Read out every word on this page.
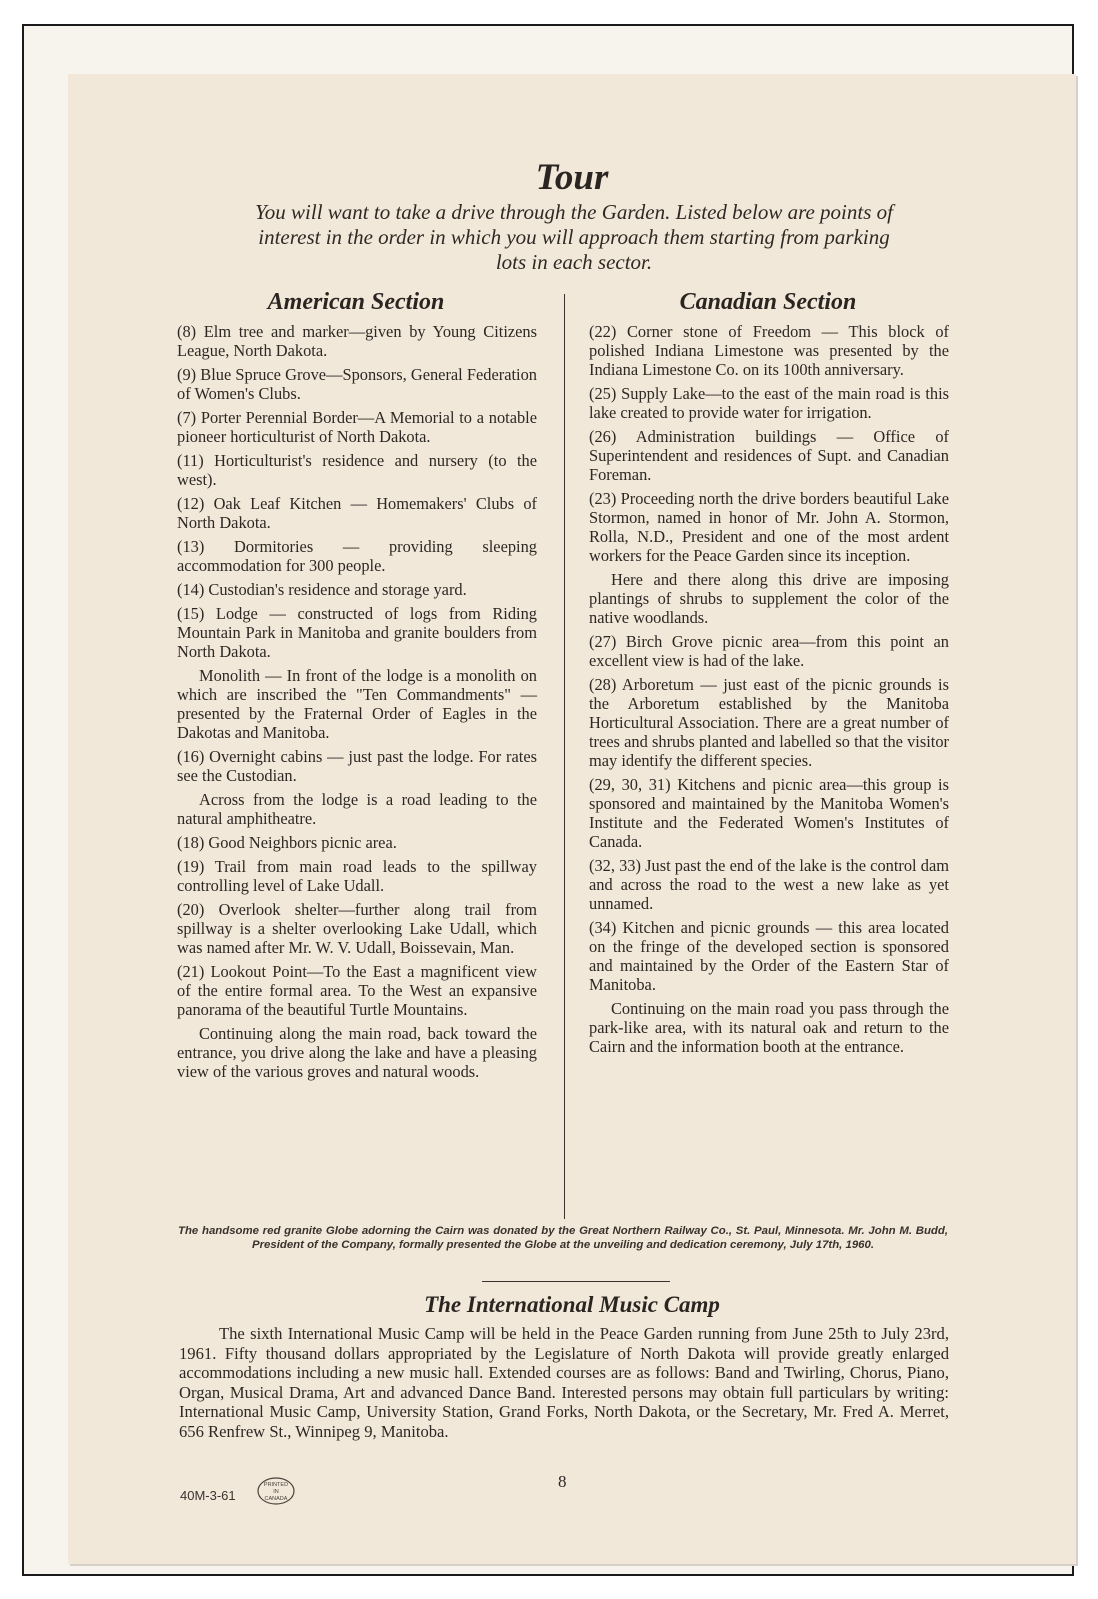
Tour
You will want to take a drive through the Garden. Listed below are points of interest in the order in which you will approach them starting from parking lots in each sector.
American Section	Canadian Section

(8) Elm tree and marker—given by Young Citizens League, North Dakota.

(9) Blue Spruce Grove—Sponsors, General Federation of Women's Clubs.

(7) Porter Perennial Border—A Memorial to a notable pioneer horticulturist of North Dakota.

(11) Horticulturist's residence and nursery (to the west).

(12) Oak Leaf Kitchen — Homemakers' Clubs of North Dakota.

(13) Dormitories — providing sleeping accommodation for 300 people.

(14) Custodian's residence and storage yard.

(15) Lodge — constructed of logs from Riding Mountain Park in Manitoba and granite boulders from North Dakota.

Monolith — In front of the lodge is a monolith on which are inscribed the "Ten Commandments" — presented by the Fraternal Order of Eagles in the Dakotas and Manitoba.

(16) Overnight cabins — just past the lodge. For rates see the Custodian.

Across from the lodge is a road leading to the natural amphitheatre.

(18) Good Neighbors picnic area.

(19) Trail from main road leads to the spillway controlling level of Lake Udall.

(20) Overlook shelter—further along trail from spillway is a shelter overlooking Lake Udall, which was named after Mr. W. V. Udall, Boissevain, Man.

(21) Lookout Point—To the East a magnificent view of the entire formal area. To the West an expansive panorama of the beautiful Turtle Mountains.

Continuing along the main road, back toward the entrance, you drive along the lake and have a pleasing view of the various groves and natural woods.

(22) Corner stone of Freedom — This block of polished Indiana Limestone was presented by the Indiana Limestone Co. on its 100th anniversary.

(25) Supply Lake—to the east of the main road is this lake created to provide water for irrigation.

(26) Administration buildings — Office of Superintendent and residences of Supt. and Canadian Foreman.

(23) Proceeding north the drive borders beautiful Lake Stormon, named in honor of Mr. John A. Stormon, Rolla, N.D., President and one of the most ardent workers for the Peace Garden since its inception.

Here and there along this drive are imposing plantings of shrubs to supplement the color of the native woodlands.

(27) Birch Grove picnic area—from this point an excellent view is had of the lake.

(28) Arboretum — just east of the picnic grounds is the Arboretum established by the Manitoba Horticultural Association. There are a great number of trees and shrubs planted and labelled so that the visitor may identify the different species.

(29, 30, 31) Kitchens and picnic area—this group is sponsored and maintained by the Manitoba Women's Institute and the Federated Women's Institutes of Canada.

(32, 33) Just past the end of the lake is the control dam and across the road to the west a new lake as yet unnamed.

(34) Kitchen and picnic grounds — this area located on the fringe of the developed section is sponsored and maintained by the Order of the Eastern Star of Manitoba.

Continuing on the main road you pass through the park-like area, with its natural oak and return to the Cairn and the information booth at the entrance.

The handsome red granite Globe adorning the Cairn was donated by the Great Northern Railway Co., St. Paul, Minnesota. Mr. John M. Budd, President of the Company, formally presented the Globe at the unveiling and dedication ceremony, July 17th, 1960.
The International Music Camp
The sixth International Music Camp will be held in the Peace Garden running from June 25th to July 23rd, 1961. Fifty thousand dollars appropriated by the Legislature of North Dakota will provide greatly enlarged accommodations including a new music hall. Extended courses are as follows: Band and Twirling, Chorus, Piano, Organ, Musical Drama, Art and advanced Dance Band. Interested persons may obtain full particulars by writing: International Music Camp, University Station, Grand Forks, North Dakota, or the Secretary, Mr. Fred A. Merret, 656 Renfrew St., Winnipeg 9, Manitoba.
40M-3-61
PRINTED
IN
CANADA
8
